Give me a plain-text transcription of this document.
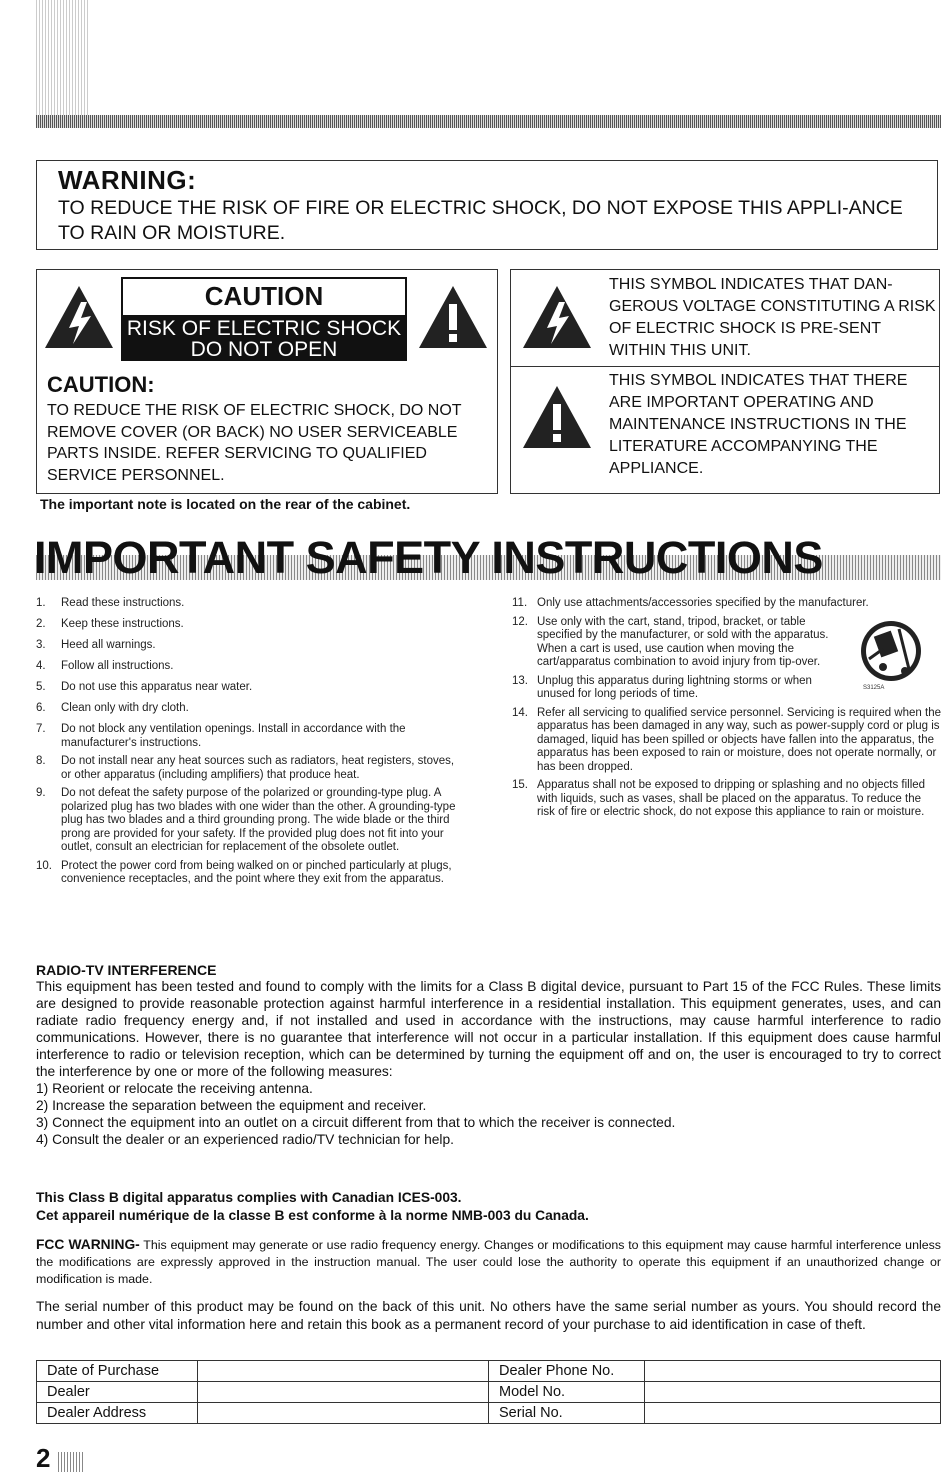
WARNING:
TO REDUCE THE RISK OF FIRE OR ELECTRIC SHOCK, DO NOT EXPOSE THIS APPLI-ANCE TO RAIN OR MOISTURE.
CAUTION
RISK OF ELECTRIC SHOCK
DO NOT OPEN
CAUTION:
TO REDUCE THE RISK OF ELECTRIC SHOCK, DO NOT REMOVE COVER (OR BACK) NO USER SERVICEABLE PARTS INSIDE. REFER SERVICING TO QUALIFIED SERVICE PERSONNEL.
The important note is located on the rear of the cabinet.
THIS SYMBOL INDICATES THAT DAN-GEROUS VOLTAGE CONSTITUTING A RISK OF ELECTRIC SHOCK IS PRE-SENT WITHIN THIS UNIT.
THIS SYMBOL INDICATES THAT THERE ARE IMPORTANT OPERATING AND MAINTENANCE INSTRUCTIONS IN THE LITERATURE ACCOMPANYING THE APPLIANCE.
IMPORTANT SAFETY INSTRUCTIONS
1. Read these instructions.
2. Keep these instructions.
3. Heed all warnings.
4. Follow all instructions.
5. Do not use this apparatus near water.
6. Clean only with dry cloth.
7. Do not block any ventilation openings. Install in accordance with the manufacturer's instructions.
8. Do not install near any heat sources such as radiators, heat registers, stoves, or other apparatus (including amplifiers) that produce heat.
9. Do not defeat the safety purpose of the polarized or grounding-type plug. A polarized plug has two blades with one wider than the other. A grounding-type plug has two blades and a third grounding prong. The wide blade or the third prong are provided for your safety. If the provided plug does not fit into your outlet, consult an electrician for replacement of the obsolete outlet.
10. Protect the power cord from being walked on or pinched particularly at plugs, convenience receptacles, and the point where they exit from the apparatus.
11. Only use attachments/accessories specified by the manufacturer.
12. Use only with the cart, stand, tripod, bracket, or table specified by the manufacturer, or sold with the apparatus. When a cart is used, use caution when moving the cart/apparatus combination to avoid injury from tip-over.
13. Unplug this apparatus during lightning storms or when unused for long periods of time.
14. Refer all servicing to qualified service personnel. Servicing is required when the apparatus has been damaged in any way, such as power-supply cord or plug is damaged, liquid has been spilled or objects have fallen into the apparatus, the apparatus has been exposed to rain or moisture, does not operate normally, or has been dropped.
15. Apparatus shall not be exposed to dripping or splashing and no objects filled with liquids, such as vases, shall be placed on the apparatus. To reduce the risk of fire or electric shock, do not expose this appliance to rain or moisture.
S3125A
RADIO-TV INTERFERENCE
This equipment has been tested and found to comply with the limits for a Class B digital device, pursuant to Part 15 of the FCC Rules. These limits are designed to provide reasonable protection against harmful interference in a residential installation. This equipment generates, uses, and can radiate radio frequency energy and, if not installed and used in accordance with the instructions, may cause harmful interference to radio communications. However, there is no guarantee that interference will not occur in a particular installation. If this equipment does cause harmful interference to radio or television reception, which can be determined by turning the equipment off and on, the user is encouraged to try to correct the interference by one or more of the following measures:
1) Reorient or relocate the receiving antenna.
2) Increase the separation between the equipment and receiver.
3) Connect the equipment into an outlet on a circuit different from that to which the receiver is connected.
4) Consult the dealer or an experienced radio/TV technician for help.
This Class B digital apparatus complies with Canadian ICES-003.
Cet appareil numérique de la classe B est conforme à la norme NMB-003 du Canada.
FCC WARNING- This equipment may generate or use radio frequency energy. Changes or modifications to this equipment may cause harmful interference unless the modifications are expressly approved in the instruction manual. The user could lose the authority to operate this equipment if an unauthorized change or modification is made.
The serial number of this product may be found on the back of this unit. No others have the same serial number as yours. You should record the number and other vital information here and retain this book as a permanent record of your purchase to aid identification in case of theft.
Date of Purchase		Dealer Phone No.	
Dealer		Model No.	
Dealer Address		Serial No.	
2
